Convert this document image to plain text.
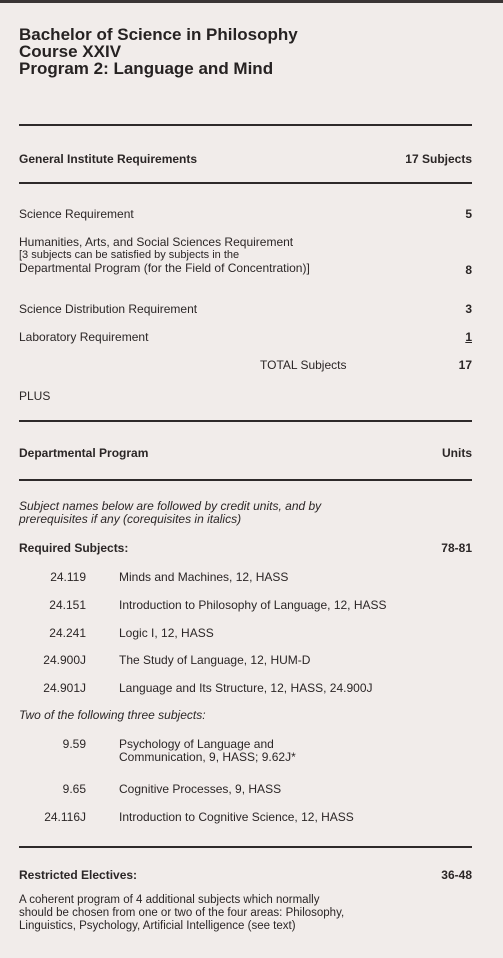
Bachelor of Science in Philosophy
Course XXIV
Program 2: Language and Mind
General Institute Requirements	17 Subjects
Science Requirement	5
Humanities, Arts, and Social Sciences Requirement
[3 subjects can be satisfied by subjects in the
Departmental Program (for the Field of Concentration)]	8
Science Distribution Requirement	3
Laboratory Requirement	1
TOTAL Subjects	17
PLUS
Departmental Program	Units
Subject names below are followed by credit units, and by
prerequisites if any (corequisites in italics)
Required Subjects:	78-81
24.119	Minds and Machines, 12, HASS
24.151	Introduction to Philosophy of Language, 12, HASS
24.241	Logic I, 12, HASS
24.900J	The Study of Language, 12, HUM-D
24.901J	Language and Its Structure, 12, HASS, 24.900J
Two of the following three subjects:
9.59	Psychology of Language and
Communication, 9, HASS; 9.62J*
9.65	Cognitive Processes, 9, HASS
24.116J	Introduction to Cognitive Science, 12, HASS
Restricted Electives:	36-48
A coherent program of 4 additional subjects which normally
should be chosen from one or two of the four areas: Philosophy,
Linguistics, Psychology, Artificial Intelligence (see text)
